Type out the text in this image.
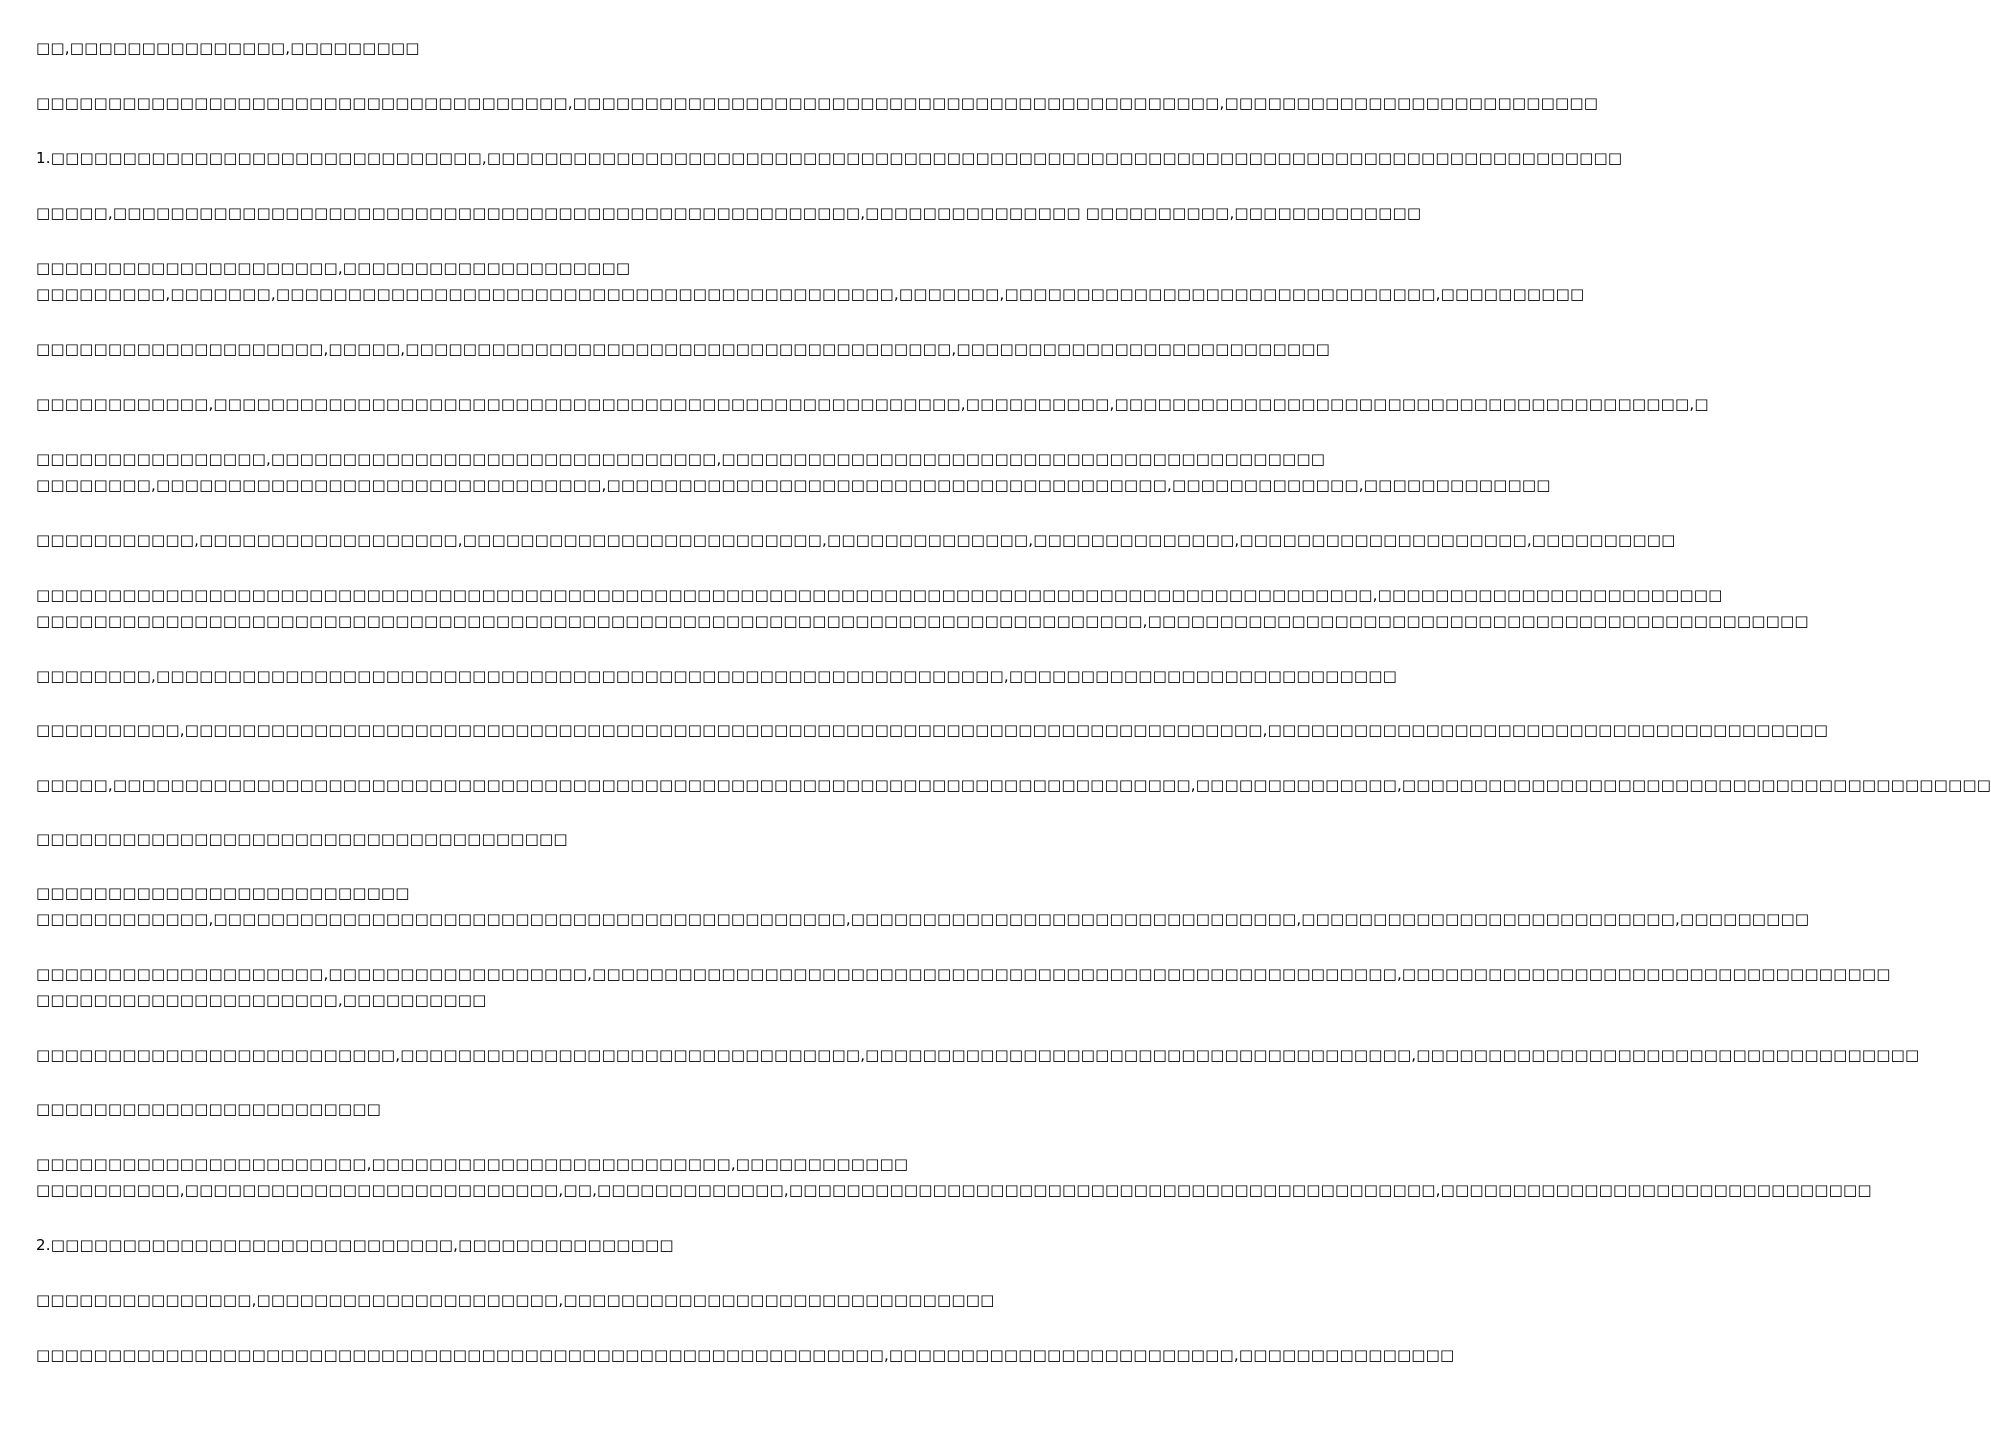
□□,□□□□□□□□□□□□□□□,□□□□□□□□□
□□□□□□□□□□□□□□□□□□□□□□□□□□□□□□□□□□□□□,□□□□□□□□□□□□□□□□□□□□□□□□□□□□□□□□□□□□□□□□□□□□□,□□□□□□□□□□□□□□□□□□□□□□□□□□
1.□□□□□□□□□□□□□□□□□□□□□□□□□□□□□□,□□□□□□□□□□□□□□□□□□□□□□□□□□□□□□□□□□□□□□□□□□□□□□□□□□□□□□□□□□□□□□□□□□□□□□□□□□□□□□□
□□□□□,□□□□□□□□□□□□□□□□□□□□□□□□□□□□□□□□□□□□□□□□□□□□□□□□□□□□,□□□□□□□□□□□□□□□ □□□□□□□□□□,□□□□□□□□□□□□□
□□□□□□□□□□□□□□□□□□□□□,□□□□□□□□□□□□□□□□□□□□
□□□□□□□□□,□□□□□□□,□□□□□□□□□□□□□□□□□□□□□□□□□□□□□□□□□□□□□□□□□□□,□□□□□□□,□□□□□□□□□□□□□□□□□□□□□□□□□□□□□□,□□□□□□□□□□
□□□□□□□□□□□□□□□□□□□□,□□□□□,□□□□□□□□□□□□□□□□□□□□□□□□□□□□□□□□□□□□□□,□□□□□□□□□□□□□□□□□□□□□□□□□□
□□□□□□□□□□□□,□□□□□□□□□□□□□□□□□□□□□□□□□□□□□□□□□□□□□□□□□□□□□□□□□□□□,□□□□□□□□□□,□□□□□□□□□□□□□□□□□□□□□□□□□□□□□□□□□□□□□□□□,□
□□□□□□□□□□□□□□□□,□□□□□□□□□□□□□□□□□□□□□□□□□□□□□□□,□□□□□□□□□□□□□□□□□□□□□□□□□□□□□□□□□□□□□□□□□□
□□□□□□□□,□□□□□□□□□□□□□□□□□□□□□□□□□□□□□□□,□□□□□□□□□□□□□□□□□□□□□□□□□□□□□□□□□□□□□□□,□□□□□□□□□□□□□,□□□□□□□□□□□□□
□□□□□□□□□□□,□□□□□□□□□□□□□□□□□□,□□□□□□□□□□□□□□□□□□□□□□□□□,□□□□□□□□□□□□□□,□□□□□□□□□□□□□□,□□□□□□□□□□□□□□□□□□□□,□□□□□□□□□□
□□□□□□□□□□□□□□□□□□□□□□□□□□□□□□□□□□□□□□□□□□□□□□□□□□□□□□□□□□□□□□□□□□□□□□□□□□□□□□□□□□□□□□□□□□□□□,□□□□□□□□□□□□□□□□□□□□□□□□
□□□□□□□□□□□□□□□□□□□□□□□□□□□□□□□□□□□□□□□□□□□□□□□□□□□□□□□□□□□□□□□□□□□□□□□□□□□□□,□□□□□□□□□□□□□□□□□□□□□□□□□□□□□□□□□□□□□□□□□□□□□□
□□□□□□□□,□□□□□□□□□□□□□□□□□□□□□□□□□□□□□□□□□□□□□□□□□□□□□□□□□□□□□□□□□□□,□□□□□□□□□□□□□□□□□□□□□□□□□□□
□□□□□□□□□□,□□□□□□□□□□□□□□□□□□□□□□□□□□□□□□□□□□□□□□□□□□□□□□□□□□□□□□□□□□□□□□□□□□□□□□□□□□□,□□□□□□□□□□□□□□□□□□□□□□□□□□□□□□□□□□□□□□□
□□□□□,□□□□□□□□□□□□□□□□□□□□□□□□□□□□□□□□□□□□□□□□□□□□□□□□□□□□□□□□□□□□□□□□□□□□□□□□□□□,□□□□□□□□□□□□□□,□□□□□□□□□□□□□□□□□□□□□□□□□□□□□□□□□□□□□□□□□
□□□□□□□□□□□□□□□□□□□□□□□□□□□□□□□□□□□□□
□□□□□□□□□□□□□□□□□□□□□□□□□□
□□□□□□□□□□□□,□□□□□□□□□□□□□□□□□□□□□□□□□□□□□□□□□□□□□□□□□□□□,□□□□□□□□□□□□□□□□□□□□□□□□□□□□□□□,□□□□□□□□□□□□□□□□□□□□□□□□□□,□□□□□□□□□
□□□□□□□□□□□□□□□□□□□□,□□□□□□□□□□□□□□□□□□,□□□□□□□□□□□□□□□□□□□□□□□□□□□□□□□□□□□□□□□□□□□□□□□□□□□□□□□□,□□□□□□□□□□□□□□□□□□□□□□□□□□□□□□□□□□
□□□□□□□□□□□□□□□□□□□□□,□□□□□□□□□□
□□□□□□□□□□□□□□□□□□□□□□□□□,□□□□□□□□□□□□□□□□□□□□□□□□□□□□□□□□,□□□□□□□□□□□□□□□□□□□□□□□□□□□□□□□□□□□□□□,□□□□□□□□□□□□□□□□□□□□□□□□□□□□□□□□□□□
□□□□□□□□□□□□□□□□□□□□□□□□
□□□□□□□□□□□□□□□□□□□□□□□,□□□□□□□□□□□□□□□□□□□□□□□□□,□□□□□□□□□□□□
□□□□□□□□□□,□□□□□□□□□□□□□□□□□□□□□□□□□□,□□,□□□□□□□□□□□□□,□□□□□□□□□□□□□□□□□□□□□□□□□□□□□□□□□□□□□□□□□□□□□,□□□□□□□□□□□□□□□□□□□□□□□□□□□□□□
2.□□□□□□□□□□□□□□□□□□□□□□□□□□□□,□□□□□□□□□□□□□□□
□□□□□□□□□□□□□□□,□□□□□□□□□□□□□□□□□□□□□,□□□□□□□□□□□□□□□□□□□□□□□□□□□□□□
□□□□□□□□□□□□□□□□□□□□□□□□□□□□□□□□□□□□□□□□□□□□□□□□□□□□□□□□□□□,□□□□□□□□□□□□□□□□□□□□□□□□,□□□□□□□□□□□□□□□
